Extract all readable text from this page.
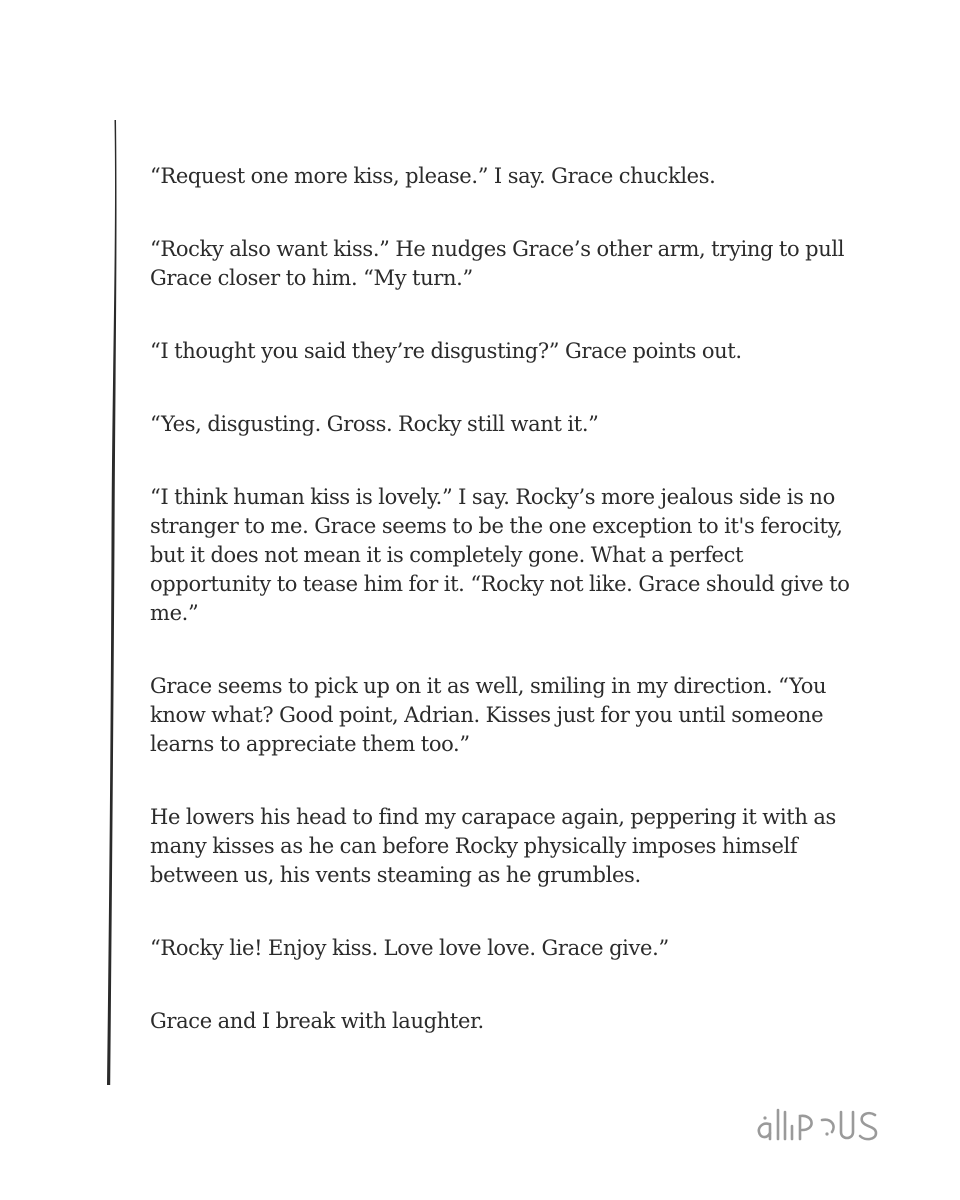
“Request one more kiss, please.” I say. Grace chuckles.

“Rocky also want kiss.” He nudges Grace’s other arm, trying to pull Grace closer to him. “My turn.”

“I thought you said they’re disgusting?” Grace points out.

“Yes, disgusting. Gross. Rocky still want it.”

“I think human kiss is lovely.” I say. Rocky’s more jealous side is no stranger to me. Grace seems to be the one exception to it's ferocity, but it does not mean it is completely gone. What a perfect opportunity to tease him for it. “Rocky not like. Grace should give to me.”

Grace seems to pick up on it as well, smiling in my direction. “You know what? Good point, Adrian. Kisses just for you until someone learns to appreciate them too.”

He lowers his head to find my carapace again, peppering it with as many kisses as he can before Rocky physically imposes himself between us, his vents steaming as he grumbles.

“Rocky lie! Enjoy kiss. Love love love. Grace give.”

Grace and I break with laughter.
